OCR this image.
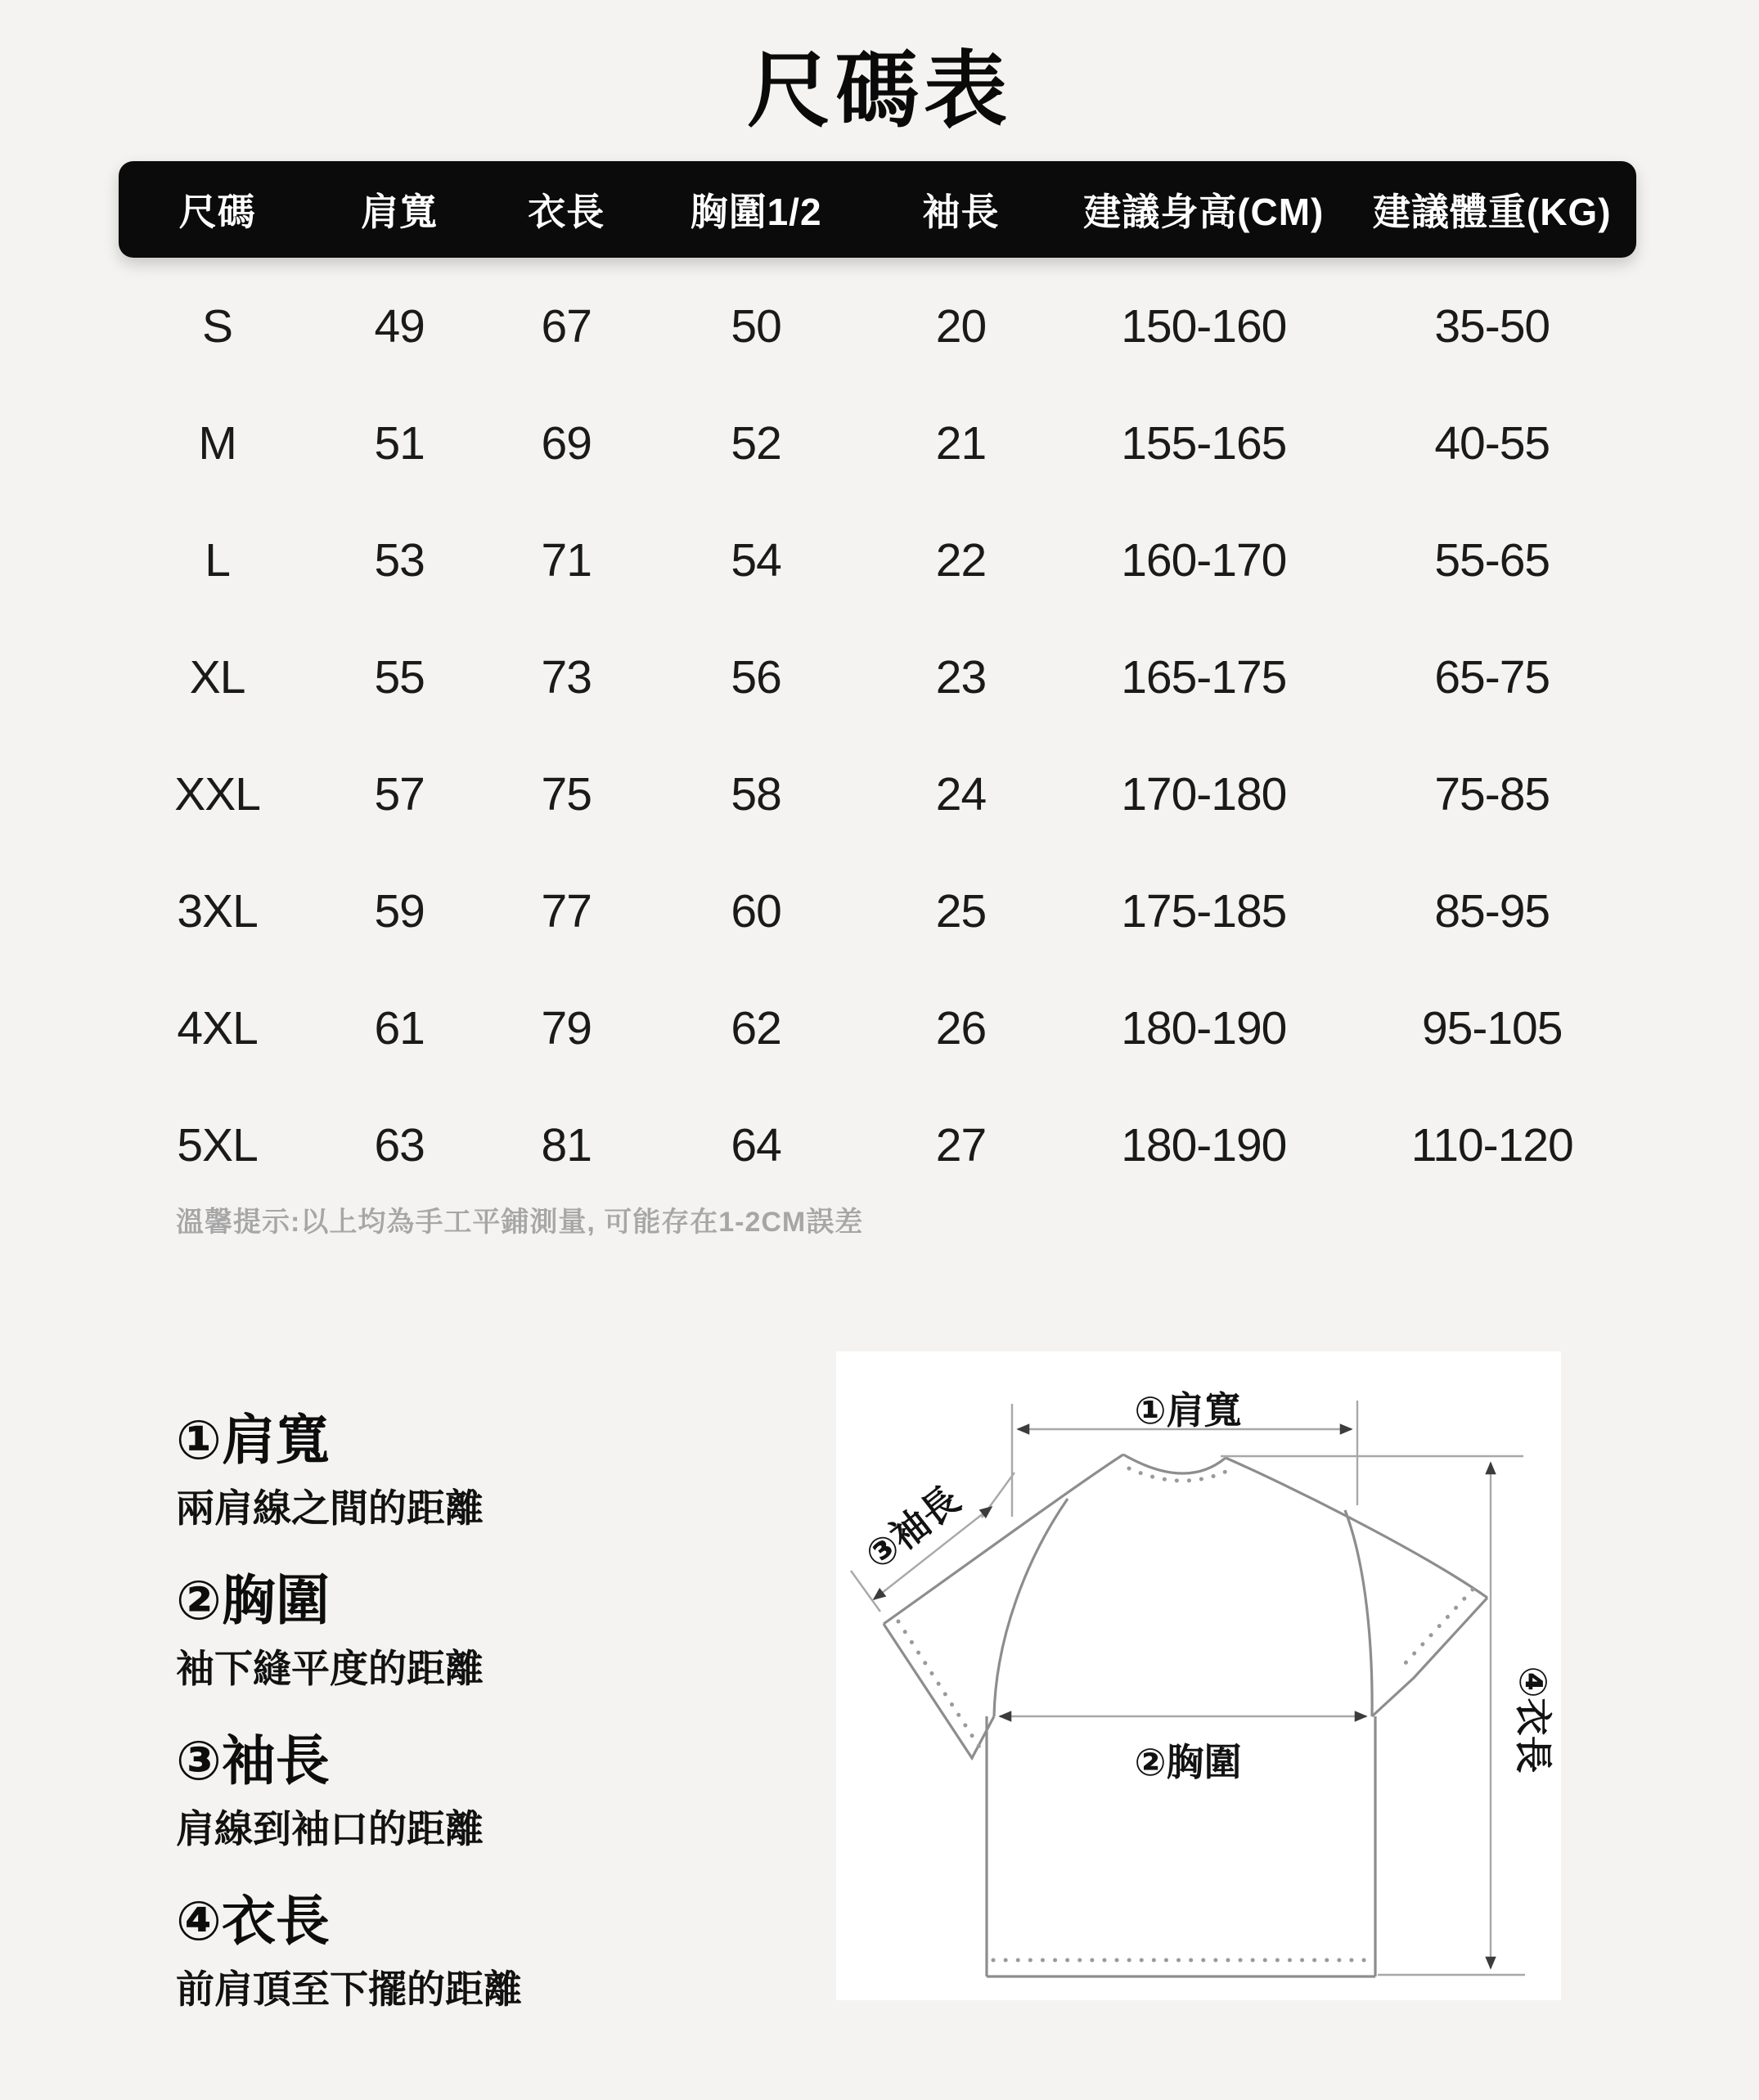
尺碼表
尺碼	肩寬	衣長	胸圍1/2	袖長	建議身高(CM)	建議體重(KG)
S	49	67	50	20	150-160	35-50
M	51	69	52	21	155-165	40-55
L	53	71	54	22	160-170	55-65
XL	55	73	56	23	165-175	65-75
XXL	57	75	58	24	170-180	75-85
3XL	59	77	60	25	175-185	85-95
4XL	61	79	62	26	180-190	95-105
5XL	63	81	64	27	180-190	110-120
溫馨提示:以上均為手工平鋪測量, 可能存在1-2CM誤差
①肩寬
兩肩線之間的距離
②胸圍
袖下縫平度的距離
③袖長
肩線到袖口的距離
④衣長
前肩頂至下擺的距離
①肩寬
②胸圍
③袖長
④衣長
